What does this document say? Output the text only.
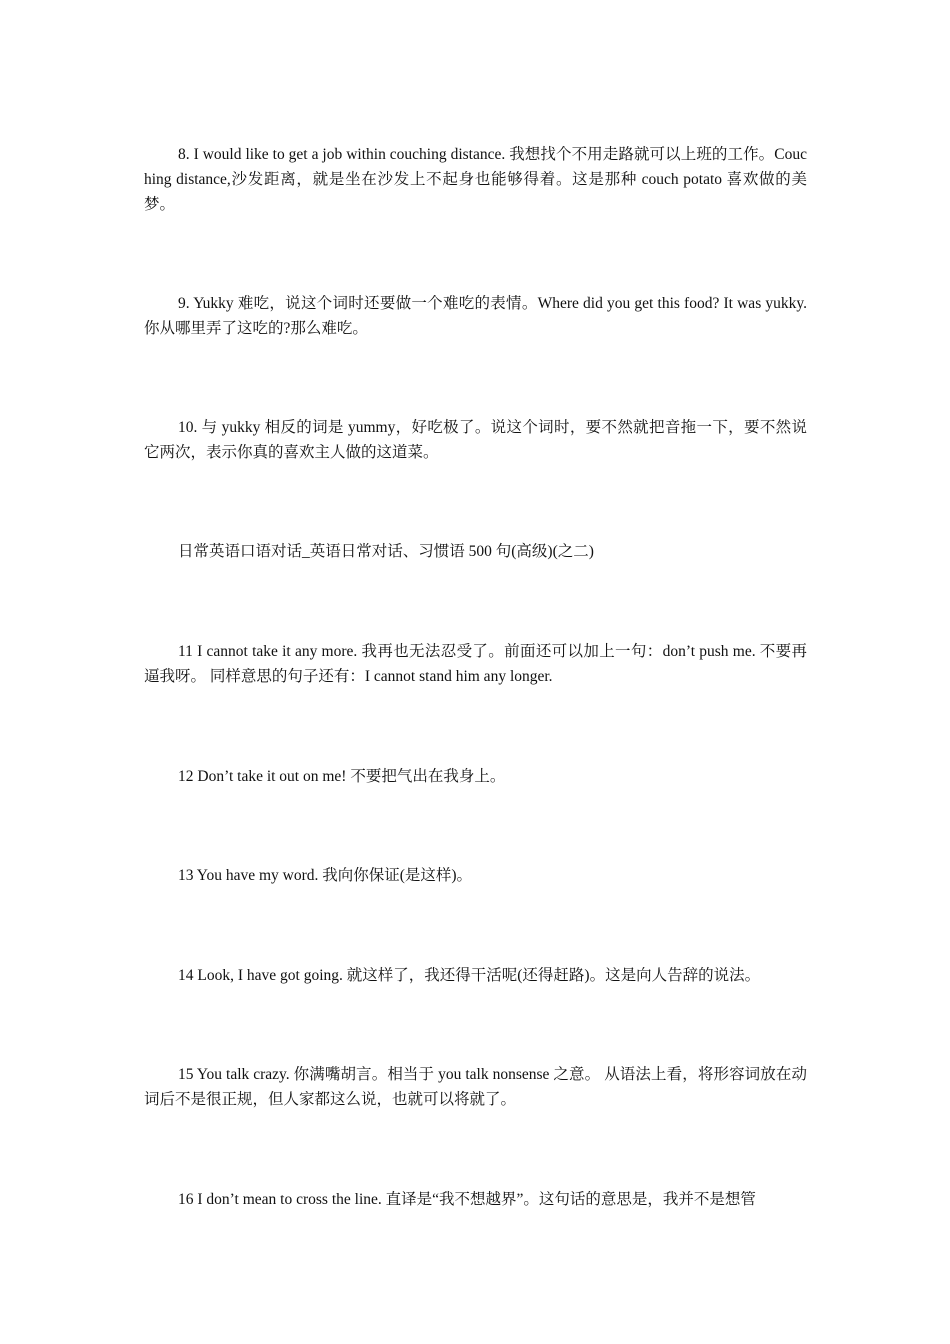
8. I would like to get a job within couching distance. 我想找个不用走路就可以上班的工作。Couching distance,沙发距离，就是坐在沙发上不起身也能够得着。这是那种 couch potato 喜欢做的美梦。

9. Yukky 难吃，说这个词时还要做一个难吃的表情。Where did you get this food? It was yukky. 你从哪里弄了这吃的?那么难吃。

10. 与 yukky 相反的词是 yummy，好吃极了。说这个词时，要不然就把音拖一下，要不然说它两次，表示你真的喜欢主人做的这道菜。

日常英语口语对话_英语日常对话、习惯语 500 句(高级)(之二)

11 I cannot take it any more. 我再也无法忍受了。前面还可以加上一句：don’t push me. 不要再逼我呀。 同样意思的句子还有：I cannot stand him any longer.

12 Don’t take it out on me! 不要把气出在我身上。

13 You have my word. 我向你保证(是这样)。

14 Look, I have got going. 就这样了，我还得干活呢(还得赶路)。这是向人告辞的说法。

15 You talk crazy. 你满嘴胡言。相当于 you talk nonsense 之意。 从语法上看，将形容词放在动词后不是很正规，但人家都这么说，也就可以将就了。

16 I don’t mean to cross the line. 直译是“我不想越界”。这句话的意思是，我并不是想管
